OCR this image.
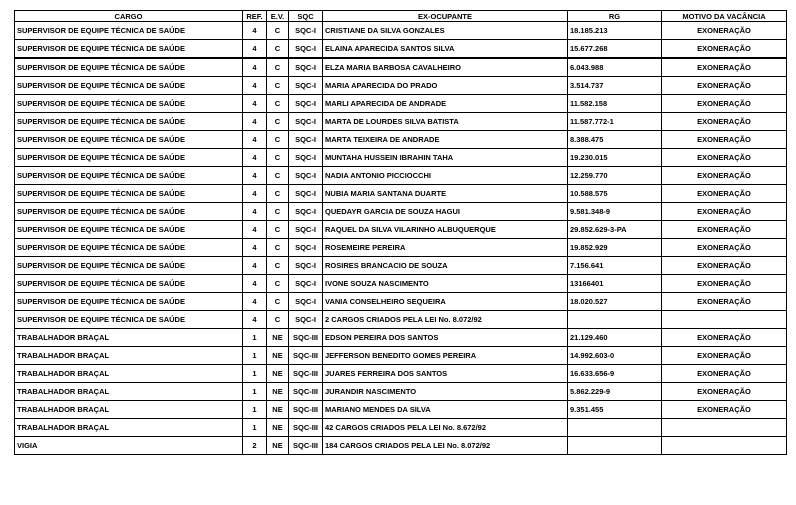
CARGO	REF.	E.V.	SQC	EX-OCUPANTE	RG	MOTIVO DA VACÂNCIA
SUPERVISOR DE EQUIPE TÉCNICA DE SAÚDE	4	C	SQC-I	CRISTIANE DA SILVA GONZALES	18.185.213	EXONERAÇÃO
SUPERVISOR DE EQUIPE TÉCNICA DE SAÚDE	4	C	SQC-I	ELAINA APARECIDA SANTOS SILVA	15.677.268	EXONERAÇÃO
SUPERVISOR DE EQUIPE TÉCNICA DE SAÚDE	4	C	SQC-I	ELZA MARIA BARBOSA CAVALHEIRO	6.043.988	EXONERAÇÃO
SUPERVISOR DE EQUIPE TÉCNICA DE SAÚDE	4	C	SQC-I	MARIA APARECIDA DO PRADO	3.514.737	EXONERAÇÃO
SUPERVISOR DE EQUIPE TÉCNICA DE SAÚDE	4	C	SQC-I	MARLI APARECIDA DE ANDRADE	11.582.158	EXONERAÇÃO
SUPERVISOR DE EQUIPE TÉCNICA DE SAÚDE	4	C	SQC-I	MARTA DE LOURDES SILVA BATISTA	11.587.772-1	EXONERAÇÃO
SUPERVISOR DE EQUIPE TÉCNICA DE SAÚDE	4	C	SQC-I	MARTA TEIXEIRA DE ANDRADE	8.388.475	EXONERAÇÃO
SUPERVISOR DE EQUIPE TÉCNICA DE SAÚDE	4	C	SQC-I	MUNTAHA HUSSEIN IBRAHIN TAHA	19.230.015	EXONERAÇÃO
SUPERVISOR DE EQUIPE TÉCNICA DE SAÚDE	4	C	SQC-I	NADIA ANTONIO PICCIOCCHI	12.259.770	EXONERAÇÃO
SUPERVISOR DE EQUIPE TÉCNICA DE SAÚDE	4	C	SQC-I	NUBIA MARIA SANTANA DUARTE	10.588.575	EXONERAÇÃO
SUPERVISOR DE EQUIPE TÉCNICA DE SAÚDE	4	C	SQC-I	QUEDAYR GARCIA DE SOUZA HAGUI	9.581.348-9	EXONERAÇÃO
SUPERVISOR DE EQUIPE TÉCNICA DE SAÚDE	4	C	SQC-I	RAQUEL DA SILVA VILARINHO ALBUQUERQUE	29.852.629-3-PA	EXONERAÇÃO
SUPERVISOR DE EQUIPE TÉCNICA DE SAÚDE	4	C	SQC-I	ROSEMEIRE PEREIRA	19.852.929	EXONERAÇÃO
SUPERVISOR DE EQUIPE TÉCNICA DE SAÚDE	4	C	SQC-I	ROSIRES BRANCACIO DE SOUZA	7.156.641	EXONERAÇÃO
SUPERVISOR DE EQUIPE TÉCNICA DE SAÚDE	4	C	SQC-I	IVONE SOUZA NASCIMENTO	13166401	EXONERAÇÃO
SUPERVISOR DE EQUIPE TÉCNICA DE SAÚDE	4	C	SQC-I	VANIA CONSELHEIRO SEQUEIRA	18.020.527	EXONERAÇÃO
SUPERVISOR DE EQUIPE TÉCNICA DE SAÚDE	4	C	SQC-I	2 CARGOS CRIADOS PELA LEI No. 8.072/92		
TRABALHADOR BRAÇAL	1	NE	SQC-III	EDSON PEREIRA DOS SANTOS	21.129.460	EXONERAÇÃO
TRABALHADOR BRAÇAL	1	NE	SQC-III	JEFFERSON BENEDITO GOMES PEREIRA	14.992.603-0	EXONERAÇÃO
TRABALHADOR BRAÇAL	1	NE	SQC-III	JUARES FERREIRA DOS SANTOS	16.633.656-9	EXONERAÇÃO
TRABALHADOR BRAÇAL	1	NE	SQC-III	JURANDIR NASCIMENTO	5.862.229-9	EXONERAÇÃO
TRABALHADOR BRAÇAL	1	NE	SQC-III	MARIANO MENDES DA SILVA	9.351.455	EXONERAÇÃO
TRABALHADOR BRAÇAL	1	NE	SQC-III	42 CARGOS CRIADOS PELA LEI No. 8.672/92		
VIGIA	2	NE	SQC-III	184 CARGOS CRIADOS PELA LEI No. 8.072/92		
